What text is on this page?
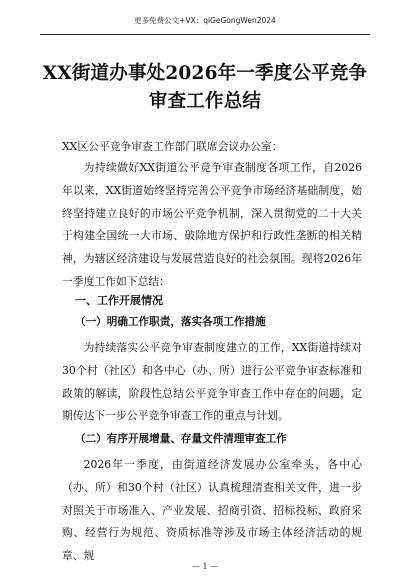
更多免费公文+VX：qiGeGongWen2024
XX街道办事处2026年一季度公平竞争审查工作总结
XX区公平竞争审查工作部门联席会议办公室：
为持续做好XX街道公平竞争审查制度各项工作，自2026年以来，XX街道始终坚持完善公平竞争市场经济基础制度，始终坚持建立良好的市场公平竞争机制，深入贯彻党的二十大关于构建全国统一大市场、破除地方保护和行政性垄断的相关精神，为辖区经济建设与发展营造良好的社会氛围。现将2026年一季度工作如下总结：
一、工作开展情况
（一）明确工作职责，落实各项工作措施
为持续落实公平竞争审查制度建立的工作，XX街道持续对30个村（社区）和各中心（办、所）进行公平竞争审查标准和政策的解读，阶段性总结公平竞争审查工作中存在的问题，定期传达下一步公平竞争审查工作的重点与计划。
（二）有序开展增量、存量文件清理审查工作
2026年一季度，由街道经济发展办公室牵头，各中心（办、所）和30个村（社区）认真梳理清查相关文件，进一步对照关于市场准入、产业发展、招商引资、招标投标、政府采购、经营行为规范、资质标准等涉及市场主体经济活动的规章、规
— 1 —
